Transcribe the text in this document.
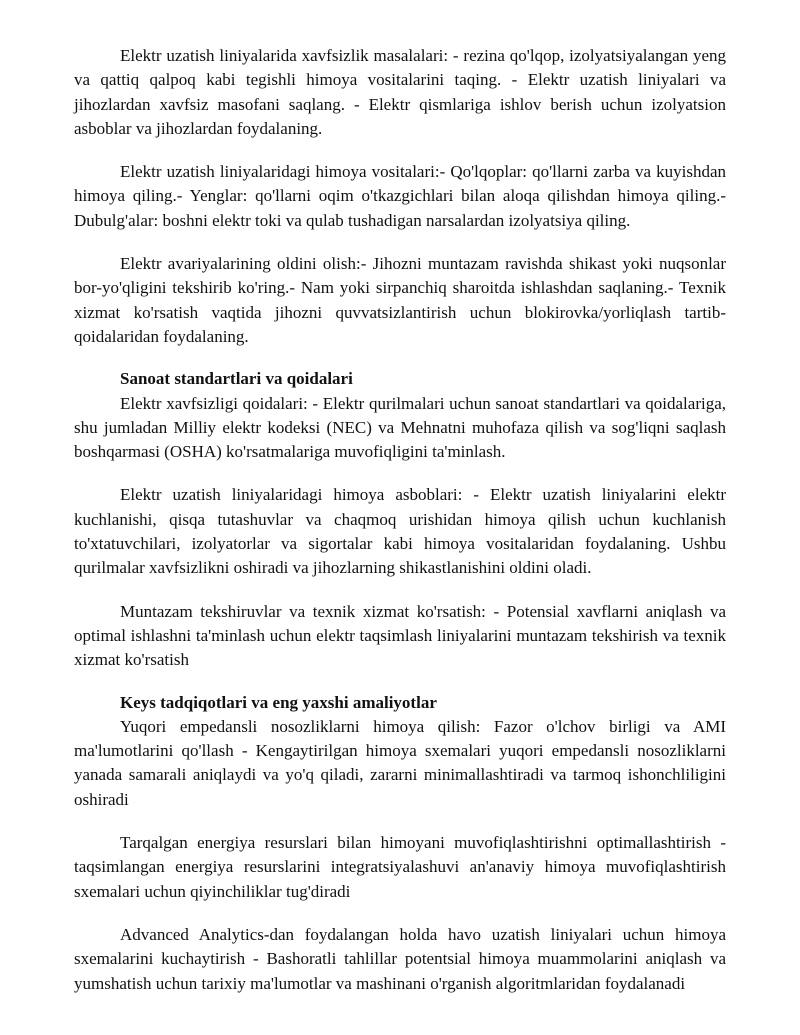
Elektr uzatish liniyalarida xavfsizlik masalalari: - rezina qo'lqop, izolyatsiyalangan yeng va qattiq qalpoq kabi tegishli himoya vositalarini taqing. - Elektr uzatish liniyalari va jihozlardan xavfsiz masofani saqlang. - Elektr qismlariga ishlov berish uchun izolyatsion asboblar va jihozlardan foydalaning.

Elektr uzatish liniyalaridagi himoya vositalari:- Qo'lqoplar: qo'llarni zarba va kuyishdan himoya qiling.- Yenglar: qo'llarni oqim o'tkazgichlari bilan aloqa qilishdan himoya qiling.- Dubulg'alar: boshni elektr toki va qulab tushadigan narsalardan izolyatsiya qiling.

Elektr avariyalarining oldini olish:- Jihozni muntazam ravishda shikast yoki nuqsonlar bor-yo'qligini tekshirib ko'ring.- Nam yoki sirpanchiq sharoitda ishlashdan saqlaning.- Texnik xizmat ko'rsatish vaqtida jihozni quvvatsizlantirish uchun blokirovka/yorliqlash tartib-qoidalaridan foydalaning.

Sanoat standartlari va qoidalari

Elektr xavfsizligi qoidalari: - Elektr qurilmalari uchun sanoat standartlari va qoidalariga, shu jumladan Milliy elektr kodeksi (NEC) va Mehnatni muhofaza qilish va sog'liqni saqlash boshqarmasi (OSHA) ko'rsatmalariga muvofiqligini ta'minlash.

Elektr uzatish liniyalaridagi himoya asboblari: - Elektr uzatish liniyalarini elektr kuchlanishi, qisqa tutashuvlar va chaqmoq urishidan himoya qilish uchun kuchlanish to'xtatuvchilari, izolyatorlar va sigortalar kabi himoya vositalaridan foydalaning. Ushbu qurilmalar xavfsizlikni oshiradi va jihozlarning shikastlanishini oldini oladi.

Muntazam tekshiruvlar va texnik xizmat ko'rsatish: - Potensial xavflarni aniqlash va optimal ishlashni ta'minlash uchun elektr taqsimlash liniyalarini muntazam tekshirish va texnik xizmat ko'rsatish

Keys tadqiqotlari va eng yaxshi amaliyotlar

Yuqori empedansli nosozliklarni himoya qilish: Fazor o'lchov birligi va AMI ma'lumotlarini qo'llash - Kengaytirilgan himoya sxemalari yuqori empedansli nosozliklarni yanada samarali aniqlaydi va yo'q qiladi, zararni minimallashtiradi va tarmoq ishonchliligini oshiradi

Tarqalgan energiya resurslari bilan himoyani muvofiqlashtirishni optimallashtirish - taqsimlangan energiya resurslarini integratsiyalashuvi an'anaviy himoya muvofiqlashtirish sxemalari uchun qiyinchiliklar tug'diradi

Advanced Analytics-dan foydalangan holda havo uzatish liniyalari uchun himoya sxemalarini kuchaytirish - Bashoratli tahlillar potentsial himoya muammolarini aniqlash va yumshatish uchun tarixiy ma'lumotlar va mashinani o'rganish algoritmlaridan foydalanadi
